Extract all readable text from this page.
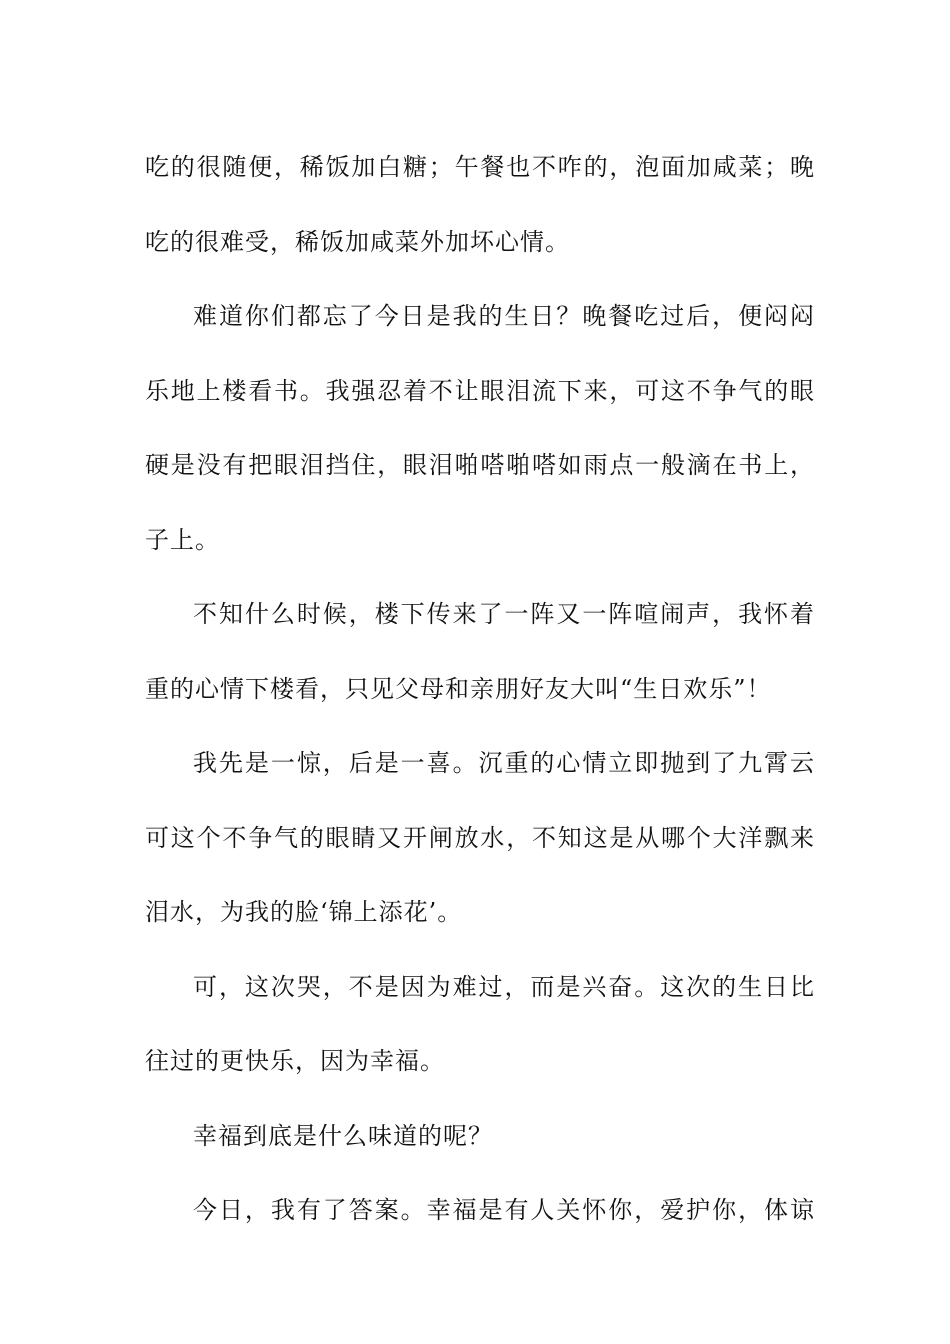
吃的很随便，稀饭加白糖；午餐也不咋的，泡面加咸菜；晚
吃的很难受，稀饭加咸菜外加坏心情。
难道你们都忘了今日是我的生日？晚餐吃过后，便闷闷
乐地上楼看书。我强忍着不让眼泪流下来，可这不争气的眼
硬是没有把眼泪挡住，眼泪啪嗒啪嗒如雨点一般滴在书上，
子上。
不知什么时候，楼下传来了一阵又一阵喧闹声，我怀着
重的心情下楼看，只见父母和亲朋好友大叫“生日欢乐”！
我先是一惊，后是一喜。沉重的心情立即抛到了九霄云
可这个不争气的眼睛又开闸放水，不知这是从哪个大洋飘来
泪水，为我的脸‘锦上添花’。
可，这次哭，不是因为难过，而是兴奋。这次的生日比
往过的更快乐，因为幸福。
幸福到底是什么味道的呢？
今日，我有了答案。幸福是有人关怀你，爱护你，体谅
